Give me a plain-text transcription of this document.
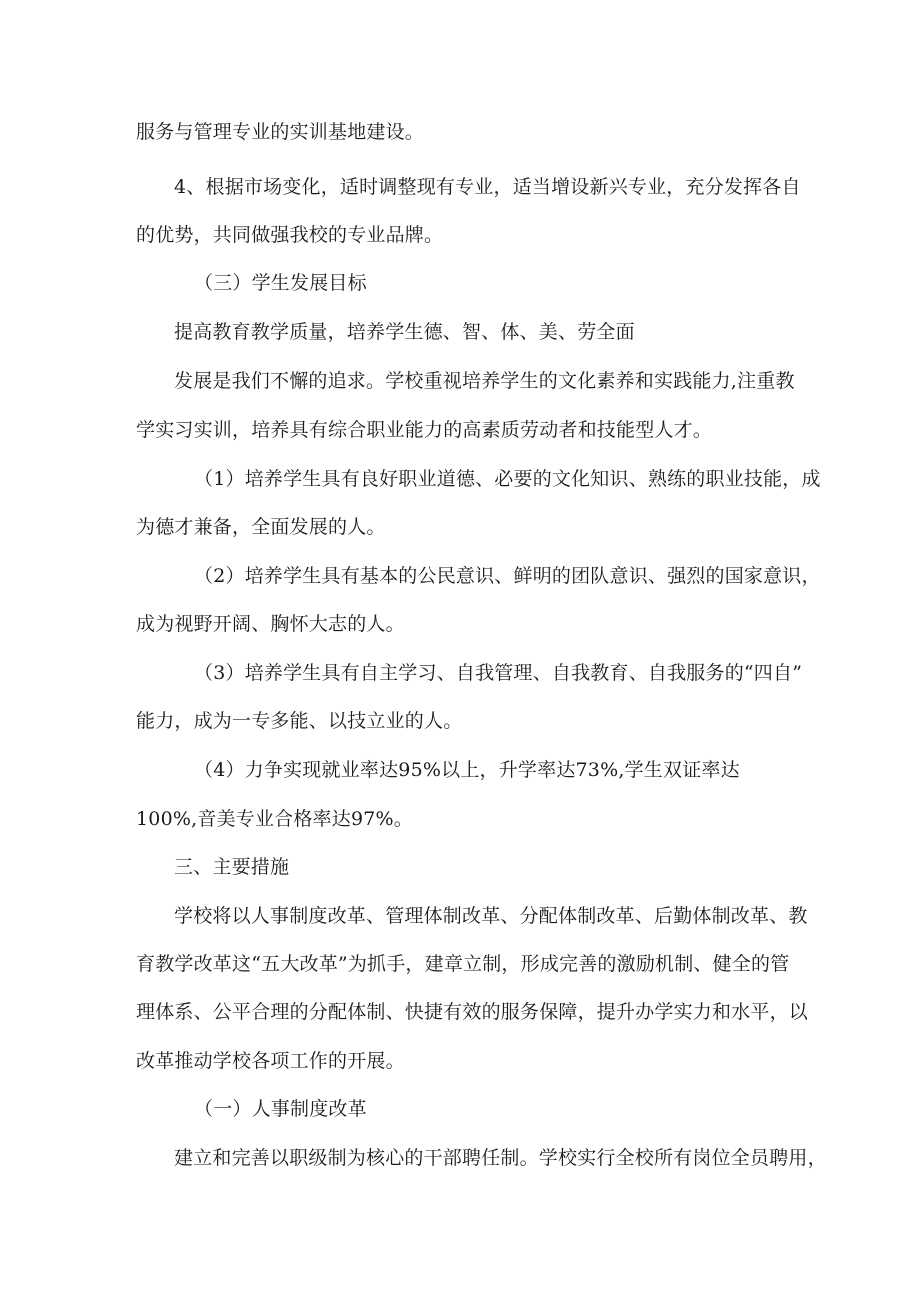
服务与管理专业的实训基地建设。
4、根据市场变化，适时调整现有专业，适当增设新兴专业，充分发挥各自
的优势，共同做强我校的专业品牌。
（三）学生发展目标
提高教育教学质量，培养学生德、智、体、美、劳全面
发展是我们不懈的追求。学校重视培养学生的文化素养和实践能力,注重教
学实习实训，培养具有综合职业能力的高素质劳动者和技能型人才。
（1）培养学生具有良好职业道德、必要的文化知识、熟练的职业技能，成
为德才兼备，全面发展的人。
（2）培养学生具有基本的公民意识、鲜明的团队意识、强烈的国家意识，
成为视野开阔、胸怀大志的人。
（3）培养学生具有自主学习、自我管理、自我教育、自我服务的“四自”
能力，成为一专多能、以技立业的人。
（4）力争实现就业率达95%以上，升学率达73%,学生双证率达
100%,音美专业合格率达97%。
三、主要措施
学校将以人事制度改革、管理体制改革、分配体制改革、后勤体制改革、教
育教学改革这“五大改革”为抓手，建章立制，形成完善的激励机制、健全的管
理体系、公平合理的分配体制、快捷有效的服务保障，提升办学实力和水平，以
改革推动学校各项工作的开展。
（一）人事制度改革
建立和完善以职级制为核心的干部聘任制。学校实行全校所有岗位全员聘用，
